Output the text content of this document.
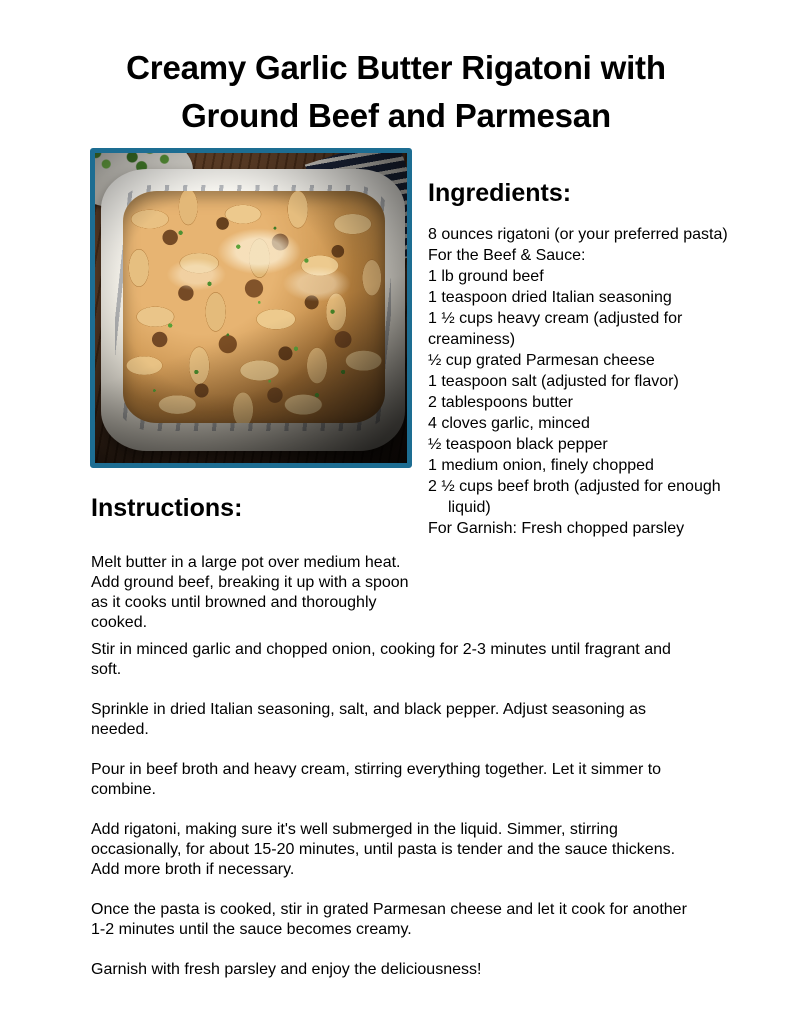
Creamy Garlic Butter Rigatoni with
Ground Beef and Parmesan
Ingredients:
8 ounces rigatoni (or your preferred pasta)
For the Beef & Sauce:
1 lb ground beef
1 teaspoon dried Italian seasoning
1 ½ cups heavy cream (adjusted for
creaminess)
½ cup grated Parmesan cheese
1 teaspoon salt (adjusted for flavor)
2 tablespoons butter
4 cloves garlic, minced
½ teaspoon black pepper
1 medium onion, finely chopped
2 ½ cups beef broth (adjusted for enough
liquid)
For Garnish: Fresh chopped parsley
Instructions:
Melt butter in a large pot over medium heat. Add ground beef, breaking it up with a spoon as it cooks until browned and thoroughly cooked.

Stir in minced garlic and chopped onion, cooking for 2-3 minutes until fragrant and soft.

Sprinkle in dried Italian seasoning, salt, and black pepper. Adjust seasoning as needed.

Pour in beef broth and heavy cream, stirring everything together. Let it simmer to combine.

Add rigatoni, making sure it's well submerged in the liquid. Simmer, stirring occasionally, for about 15-20 minutes, until pasta is tender and the sauce thickens. Add more broth if necessary.

Once the pasta is cooked, stir in grated Parmesan cheese and let it cook for another 1-2 minutes until the sauce becomes creamy.

Garnish with fresh parsley and enjoy the deliciousness!
